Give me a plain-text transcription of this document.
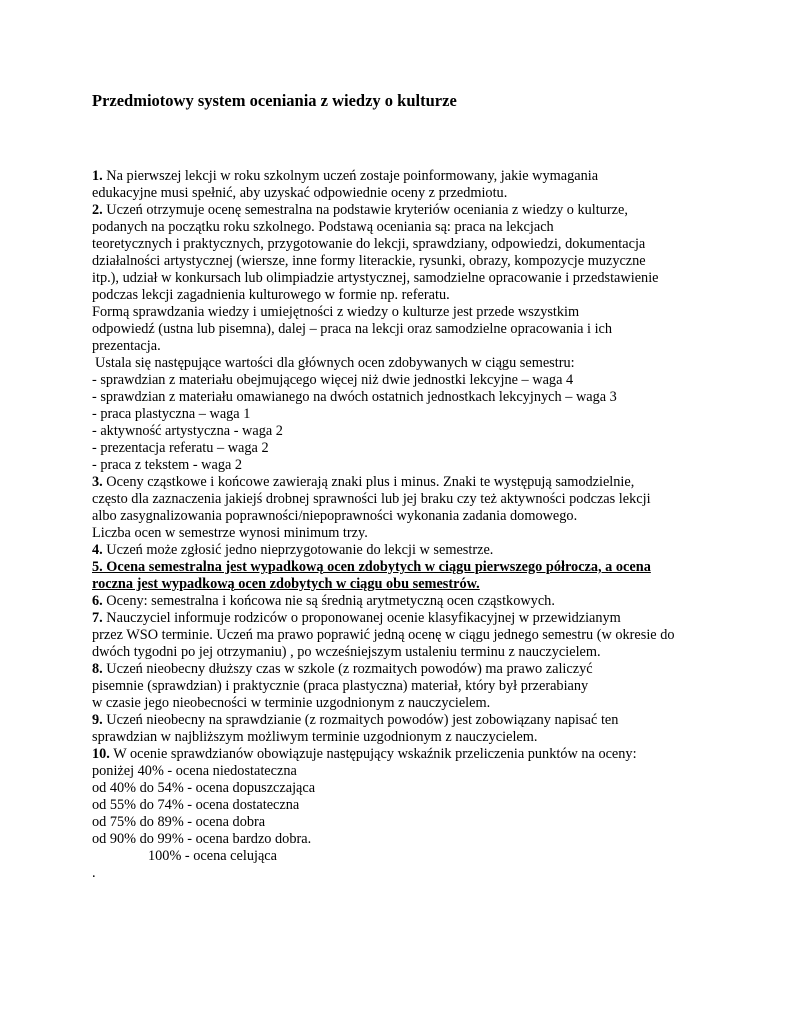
Przedmiotowy system oceniania z wiedzy o kulturze
1. Na pierwszej lekcji w roku szkolnym uczeń zostaje poinformowany, jakie wymagania
edukacyjne musi spełnić, aby uzyskać odpowiednie oceny z przedmiotu.
2. Uczeń otrzymuje ocenę semestralna na podstawie kryteriów oceniania z wiedzy o kulturze,
podanych na początku roku szkolnego. Podstawą oceniania są: praca na lekcjach
teoretycznych i praktycznych, przygotowanie do lekcji, sprawdziany, odpowiedzi, dokumentacja
działalności artystycznej (wiersze, inne formy literackie, rysunki, obrazy, kompozycje muzyczne
itp.), udział w konkursach lub olimpiadzie artystycznej, samodzielne opracowanie i przedstawienie
podczas lekcji zagadnienia kulturowego w formie np. referatu.
Formą sprawdzania wiedzy i umiejętności z wiedzy o kulturze jest przede wszystkim
odpowiedź (ustna lub pisemna), dalej – praca na lekcji oraz samodzielne opracowania i ich
prezentacja.
Ustala się następujące wartości dla głównych ocen zdobywanych w ciągu semestru:
- sprawdzian z materiału obejmującego więcej niż dwie jednostki lekcyjne – waga 4
- sprawdzian z materiału omawianego na dwóch ostatnich jednostkach lekcyjnych – waga 3
- praca plastyczna – waga 1
- aktywność artystyczna - waga 2
- prezentacja referatu – waga 2
- praca z tekstem - waga 2
3. Oceny cząstkowe i końcowe zawierają znaki plus i minus. Znaki te występują samodzielnie,
często dla zaznaczenia jakiejś drobnej sprawności lub jej braku czy też aktywności podczas lekcji
albo zasygnalizowania poprawności/niepoprawności wykonania zadania domowego.
Liczba ocen w semestrze wynosi minimum trzy.
4. Uczeń może zgłosić jedno nieprzygotowanie do lekcji w semestrze.
5. Ocena semestralna jest wypadkową ocen zdobytych w ciągu pierwszego półrocza, a ocena
roczna jest wypadkową ocen zdobytych w ciągu obu semestrów.
6. Oceny: semestralna i końcowa nie są średnią arytmetyczną ocen cząstkowych.
7. Nauczyciel informuje rodziców o proponowanej ocenie klasyfikacyjnej w przewidzianym
przez WSO terminie. Uczeń ma prawo poprawić jedną ocenę w ciągu jednego semestru (w okresie do
dwóch tygodni po jej otrzymaniu) , po wcześniejszym ustaleniu terminu z nauczycielem.
8. Uczeń nieobecny dłuższy czas w szkole (z rozmaitych powodów) ma prawo zaliczyć
pisemnie (sprawdzian) i praktycznie (praca plastyczna) materiał, który był przerabiany
w czasie jego nieobecności w terminie uzgodnionym z nauczycielem.
9. Uczeń nieobecny na sprawdzianie (z rozmaitych powodów) jest zobowiązany napisać ten
sprawdzian w najbliższym możliwym terminie uzgodnionym z nauczycielem.
10. W ocenie sprawdzianów obowiązuje następujący wskaźnik przeliczenia punktów na oceny:
poniżej 40% - ocena niedostateczna
od 40% do 54% - ocena dopuszczająca
od 55% do 74% - ocena dostateczna
od 75% do 89% - ocena dobra
od 90% do 99% - ocena bardzo dobra.
100% - ocena celująca
.
